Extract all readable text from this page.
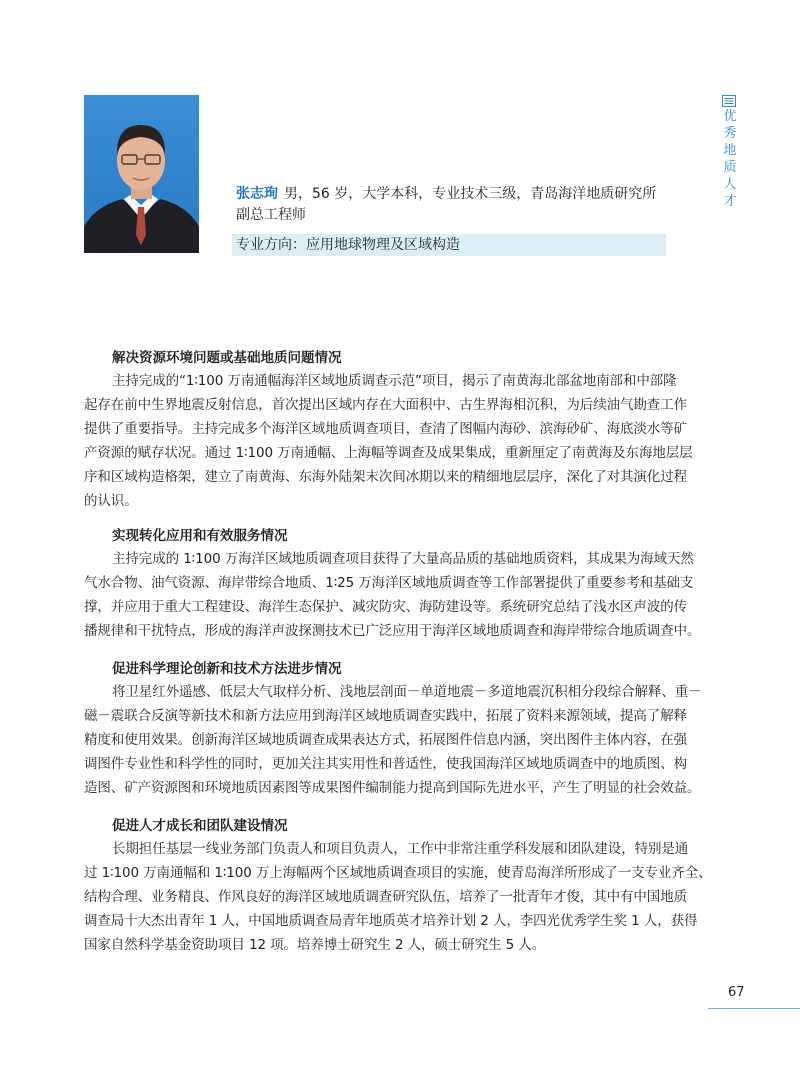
张志珣 男，56 岁，大学本科，专业技术三级，青岛海洋地质研究所
副总工程师
专业方向：应用地球物理及区域构造
优
秀
地
质
人
才
解决资源环境问题或基础地质问题情况

主持完成的“1∶100 万南通幅海洋区域地质调查示范”项目，揭示了南黄海北部盆地南部和中部隆
起存在前中生界地震反射信息，首次提出区域内存在大面积中、古生界海相沉积，为后续油气勘查工作
提供了重要指导。主持完成多个海洋区域地质调查项目，查清了图幅内海砂、滨海砂矿、海底淡水等矿
产资源的赋存状况。通过 1∶100 万南通幅、上海幅等调查及成果集成，重新厘定了南黄海及东海地层层
序和区域构造格架，建立了南黄海、东海外陆架末次间冰期以来的精细地层层序，深化了对其演化过程
的认识。

实现转化应用和有效服务情况

主持完成的 1∶100 万海洋区域地质调查项目获得了大量高品质的基础地质资料，其成果为海域天然
气水合物、油气资源、海岸带综合地质、1∶25 万海洋区域地质调查等工作部署提供了重要参考和基础支
撑，并应用于重大工程建设、海洋生态保护、减灾防灾、海防建设等。系统研究总结了浅水区声波的传
播规律和干扰特点，形成的海洋声波探测技术已广泛应用于海洋区域地质调查和海岸带综合地质调查中。

促进科学理论创新和技术方法进步情况

将卫星红外遥感、低层大气取样分析、浅地层剖面－单道地震－多道地震沉积相分段综合解释、重－
磁－震联合反演等新技术和新方法应用到海洋区域地质调查实践中，拓展了资料来源领域，提高了解释
精度和使用效果。创新海洋区域地质调查成果表达方式，拓展图件信息内涵，突出图件主体内容，在强
调图件专业性和科学性的同时，更加关注其实用性和普适性，使我国海洋区域地质调查中的地质图、构
造图、矿产资源图和环境地质因素图等成果图件编制能力提高到国际先进水平，产生了明显的社会效益。

促进人才成长和团队建设情况

长期担任基层一线业务部门负责人和项目负责人，工作中非常注重学科发展和团队建设，特别是通
过 1∶100 万南通幅和 1∶100 万上海幅两个区域地质调查项目的实施，使青岛海洋所形成了一支专业齐全、
结构合理、业务精良、作风良好的海洋区域地质调查研究队伍，培养了一批青年才俊，其中有中国地质
调查局十大杰出青年 1 人，中国地质调查局青年地质英才培养计划 2 人，李四光优秀学生奖 1 人，获得
国家自然科学基金资助项目 12 项。培养博士研究生 2 人，硕士研究生 5 人。

67
